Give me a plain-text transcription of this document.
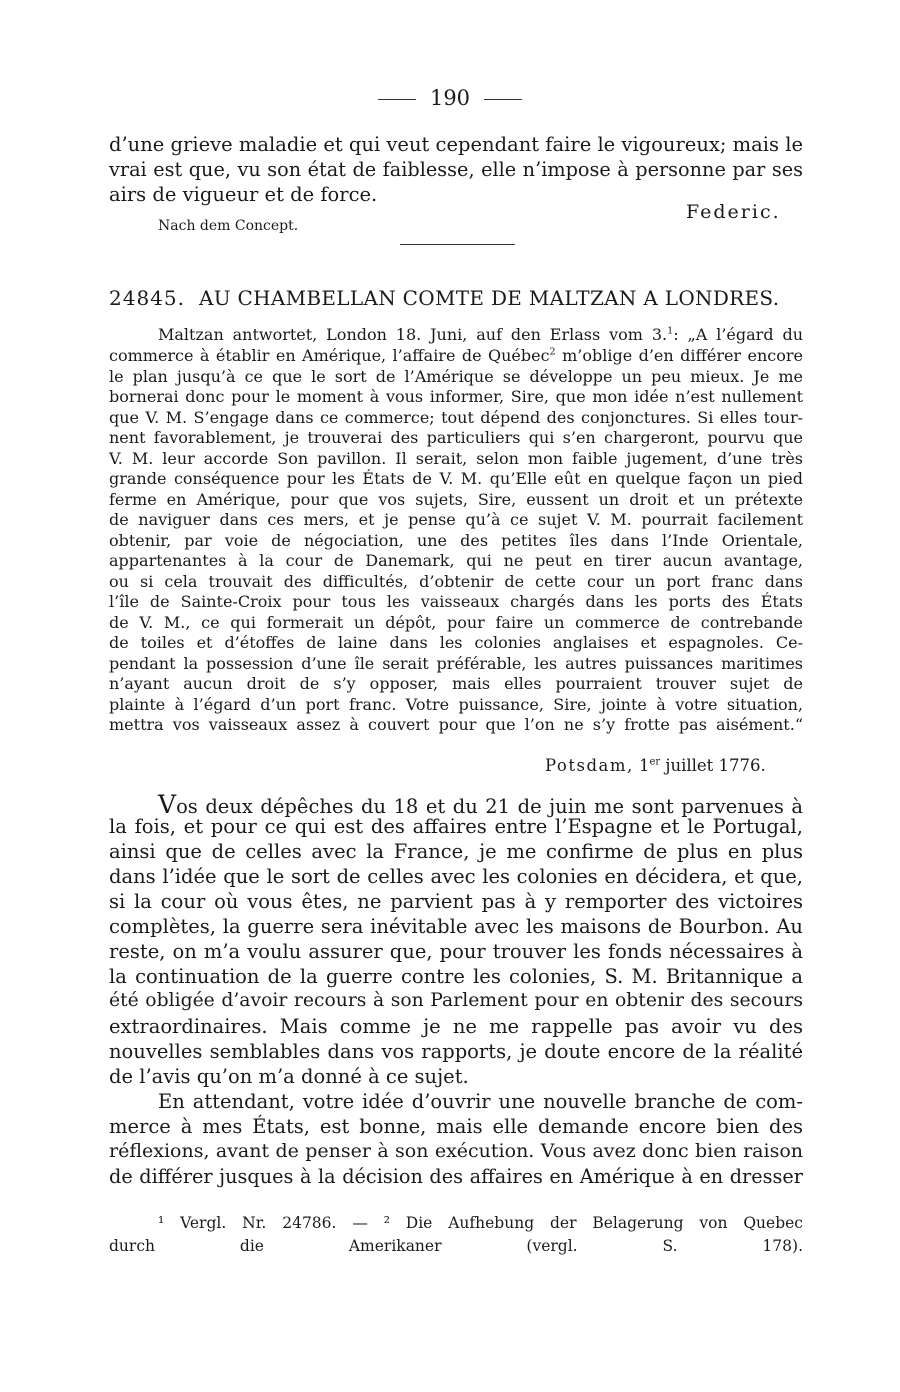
190
d’une grieve maladie et qui veut cependant faire le vigoureux; mais le
vrai est que, vu son état de faiblesse, elle n’impose à personne par ses
airs de vigueur et de force.
Federic.
Nach dem Concept.
24845. AU CHAMBELLAN COMTE DE MALTZAN A LONDRES.
Maltzan antwortet, London 18. Juni, auf den Erlass vom 3.$^1$: „A l’égard du
commerce à établir en Amérique, l’affaire de Québec$^2$ m’oblige d’en différer encore
le plan jusqu’à ce que le sort de l’Amérique se développe un peu mieux. Je me
bornerai donc pour le moment à vous informer, Sire, que mon idée n’est nullement
que V. M. S’engage dans ce commerce; tout dépend des conjonctures. Si elles tour-
nent favorablement, je trouverai des particuliers qui s’en chargeront, pourvu que
V. M. leur accorde Son pavillon. Il serait, selon mon faible jugement, d’une très
grande conséquence pour les États de V. M. qu’Elle eût en quelque façon un pied
ferme en Amérique, pour que vos sujets, Sire, eussent un droit et un prétexte
de naviguer dans ces mers, et je pense qu’à ce sujet V. M. pourrait facilement
obtenir, par voie de négociation, une des petites îles dans l’Inde Orientale,
appartenantes à la cour de Danemark, qui ne peut en tirer aucun avantage,
ou si cela trouvait des difficultés, d’obtenir de cette cour un port franc dans
l’île de Sainte-Croix pour tous les vaisseaux chargés dans les ports des États
de V. M., ce qui formerait un dépôt, pour faire un commerce de contrebande
de toiles et d’étoffes de laine dans les colonies anglaises et espagnoles. Ce-
pendant la possession d’une île serait préférable, les autres puissances maritimes
n’ayant aucun droit de s’y opposer, mais elles pourraient trouver sujet de
plainte à l’égard d’un port franc. Votre puissance, Sire, jointe à votre situation,
mettra vos vaisseaux assez à couvert pour que l’on ne s’y frotte pas aisément.“
Potsdam, 1er juillet 1776.
Vos deux dépêches du 18 et du 21 de juin me sont parvenues à
la fois, et pour ce qui est des affaires entre l’Espagne et le Portugal,
ainsi que de celles avec la France, je me confirme de plus en plus
dans l’idée que le sort de celles avec les colonies en décidera, et que,
si la cour où vous êtes, ne parvient pas à y remporter des victoires
complètes, la guerre sera inévitable avec les maisons de Bourbon. Au
reste, on m’a voulu assurer que, pour trouver les fonds nécessaires à
la continuation de la guerre contre les colonies, S. M. Britannique a
été obligée d’avoir recours à son Parlement pour en obtenir des secours
extraordinaires. Mais comme je ne me rappelle pas avoir vu des
nouvelles semblables dans vos rapports, je doute encore de la réalité
de l’avis qu’on m’a donné à ce sujet.
En attendant, votre idée d’ouvrir une nouvelle branche de com-
merce à mes États, est bonne, mais elle demande encore bien des
réflexions, avant de penser à son exécution. Vous avez donc bien raison
de différer jusques à la décision des affaires en Amérique à en dresser
¹ Vergl. Nr. 24786. — ² Die Aufhebung der Belagerung von Quebec
durch die Amerikaner (vergl. S. 178).
